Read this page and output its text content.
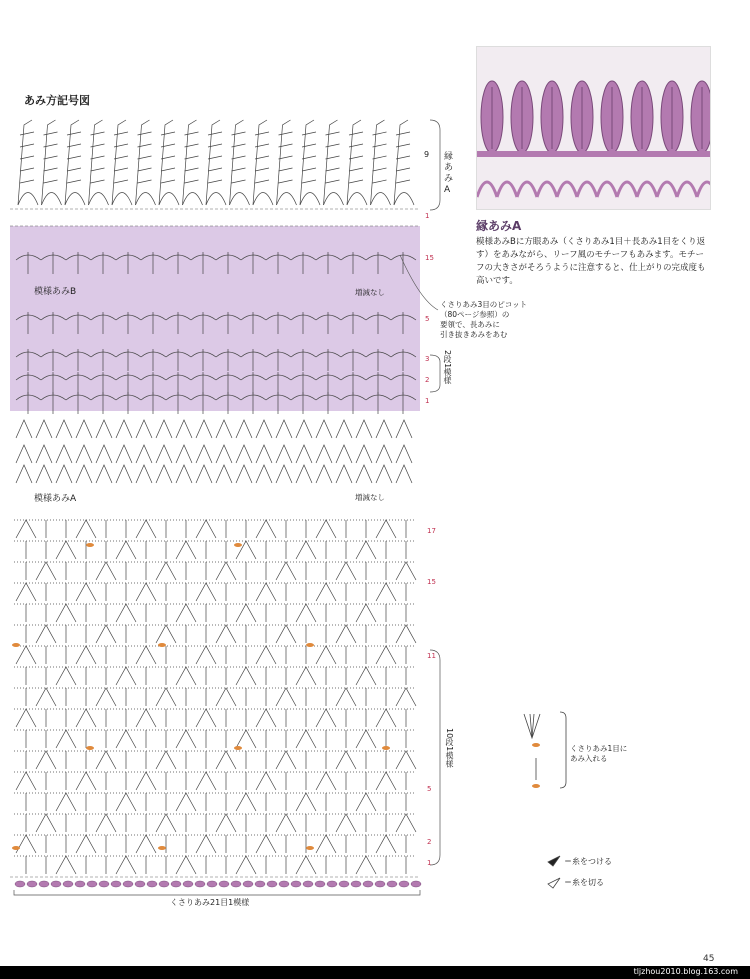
あみ方記号図
模様あみB	増減なし
模様あみA	増減なし
縁
あ
み
A
9
1
15
5
3
2
1
17
15
11
5
2
1
2段1模様
10段1模様
くさりあみ21目1模様
くさりあみ3目のピコット
（80ページ参照）の
要領で、長あみに
引き抜きあみをあむ
縁あみA
模様あみBに方眼あみ（くさりあみ1目＋長あみ1目をくり返す）をあみながら、リーフ風のモチーフもあみます。モチーフの大きさがそろうように注意すると、仕上がりの完成度も高いです。
くさりあみ1目に
あみ入れる
＝糸をつける
＝糸を切る
45
tljzhou2010.blog.163.com
